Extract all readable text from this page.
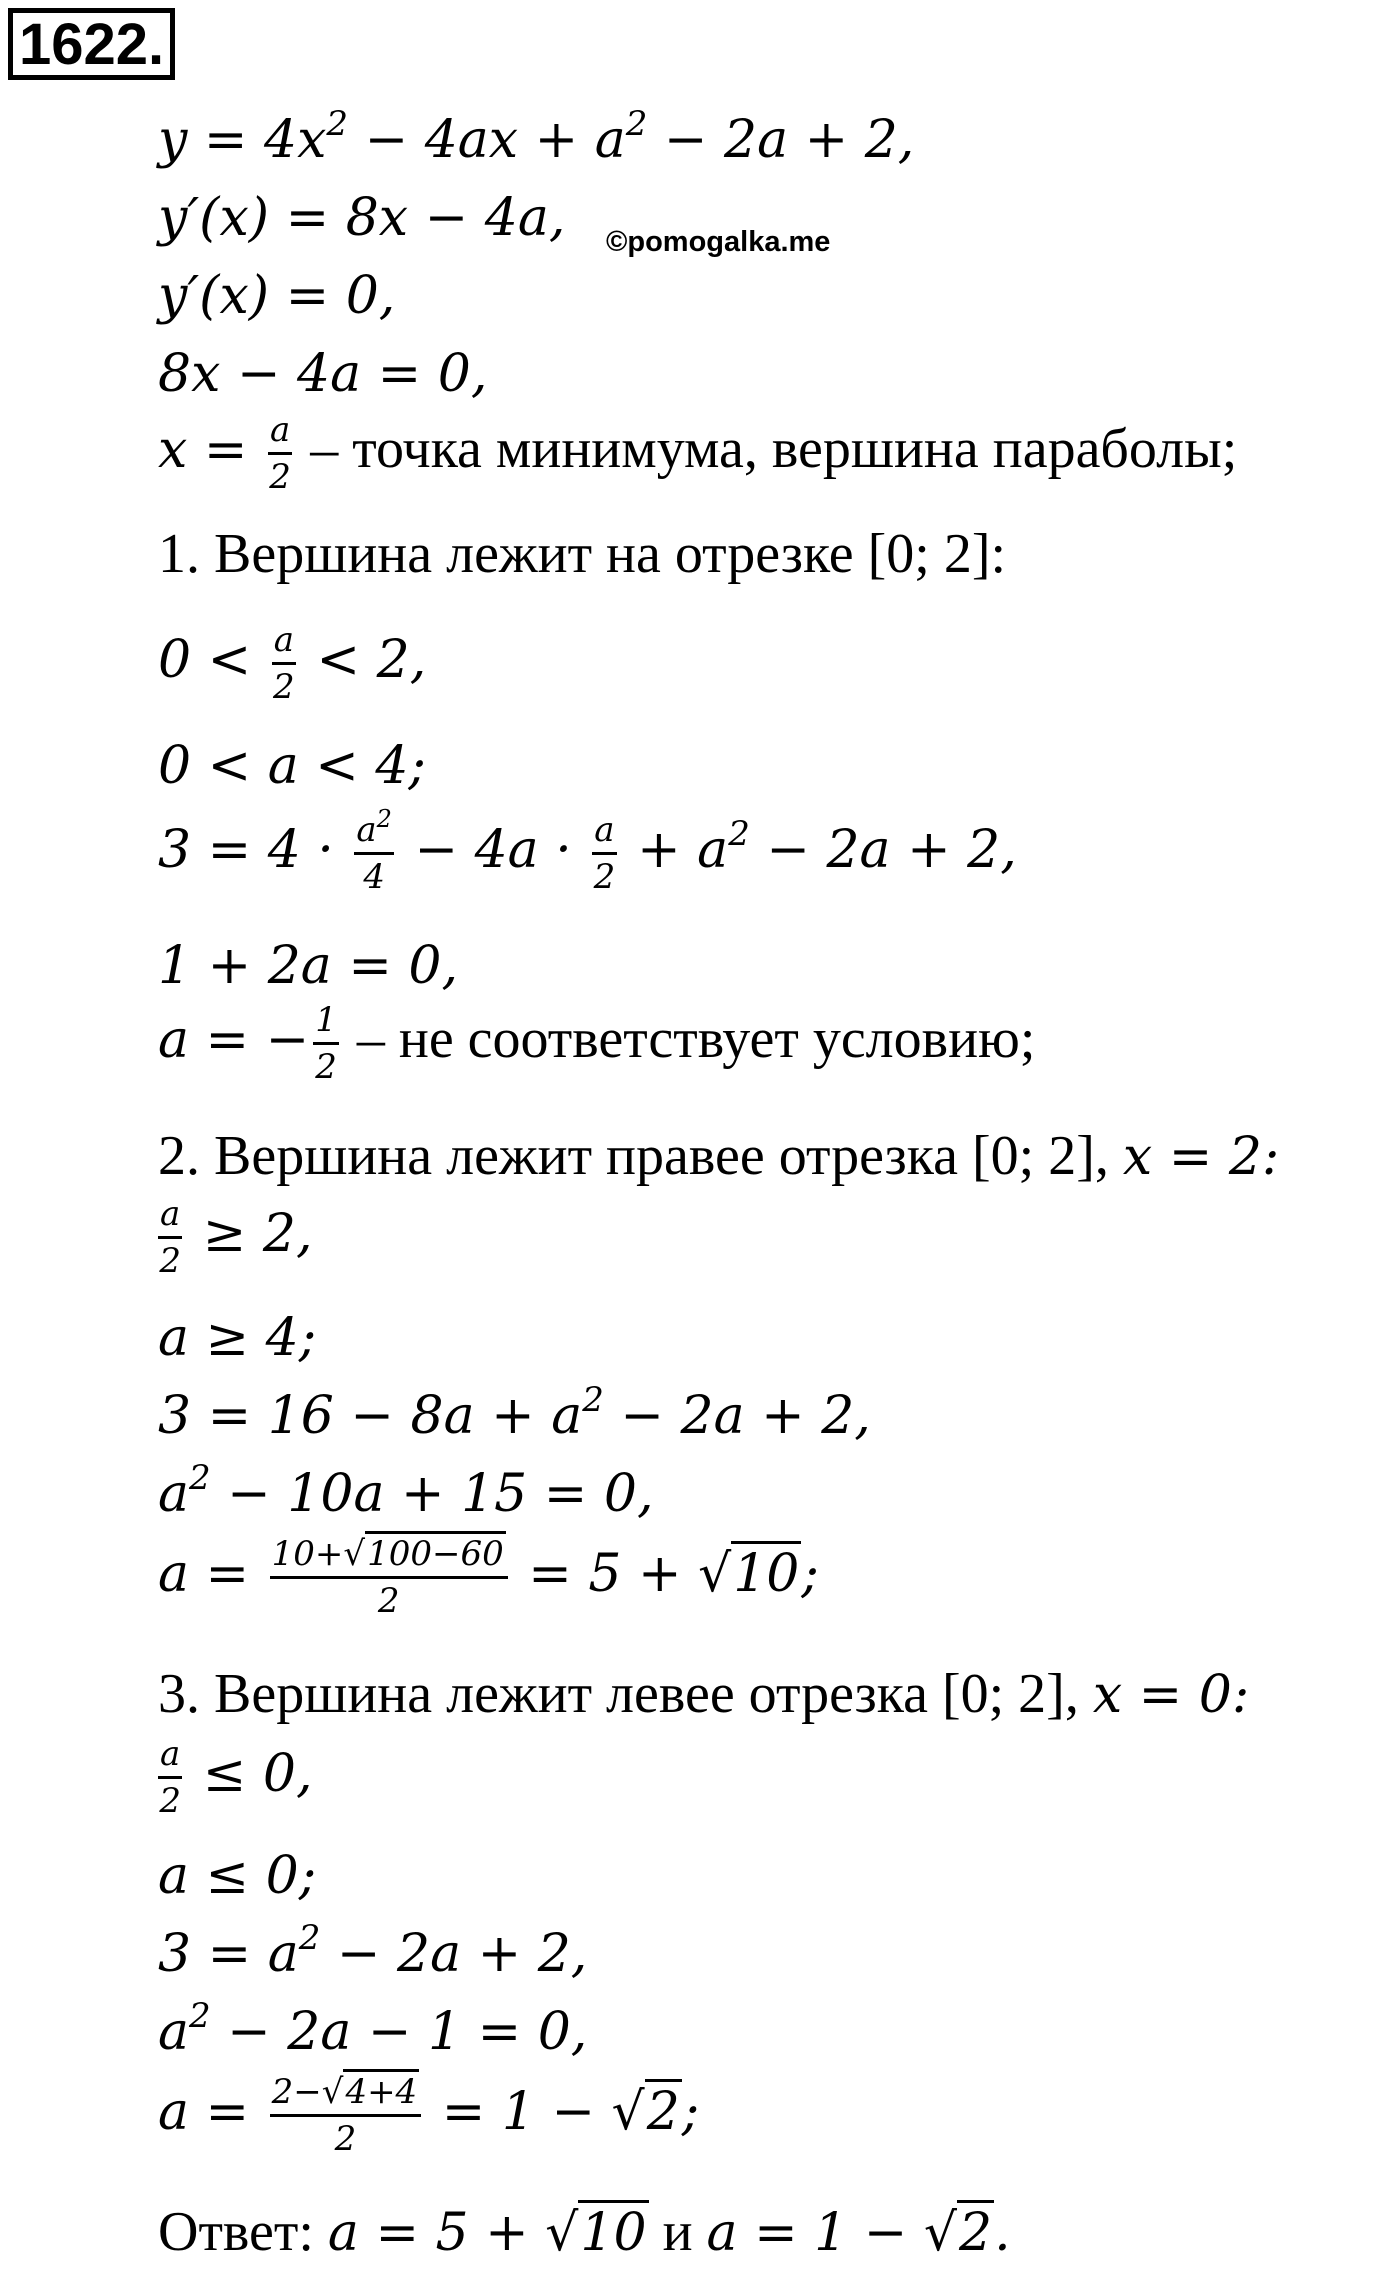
1622.
$y = 4x^2 - 4ax + a^2 - 2a + 2$,
y′(x) = 8x − 4a, ©pomogalka.me
y′(x) = 0,
8x − 4a = 0,
$x = \frac{a}{2}$ – точка минимума, вершина параболы;
1. Вершина лежит на отрезке [0; 2]:
$0 < \frac{a}{2} < 2$,
0 < a < 4;
$3 = 4 \cdot \frac{a^2}{4} - 4a \cdot \frac{a}{2} + a^2 - 2a + 2$,
1 + 2a = 0,
a = − $\frac{1}{2}$ – не соответствует условию;
2. Вершина лежит правее отрезка [0; 2], x = 2:
$\frac{a}{2} \ge 2$,
a ≥ 4;
$3 = 16 - 8a + a^2 - 2a + 2$,
$a^2 - 10a + 15 = 0$,
$a = \frac{10+√100-60}{2} = 5 + √10$;
3. Вершина лежит левее отрезка [0; 2], x = 0:
$\frac{a}{2} \le 0$,
a ≤ 0;
$3 = a^2 - 2a + 2$,
$a^2 - 2a - 1 = 0$,
$a = \frac{2-√4+4}{2} = 1 - √2$;
Ответ: a = 5 + √10 и a = 1 − √2.
